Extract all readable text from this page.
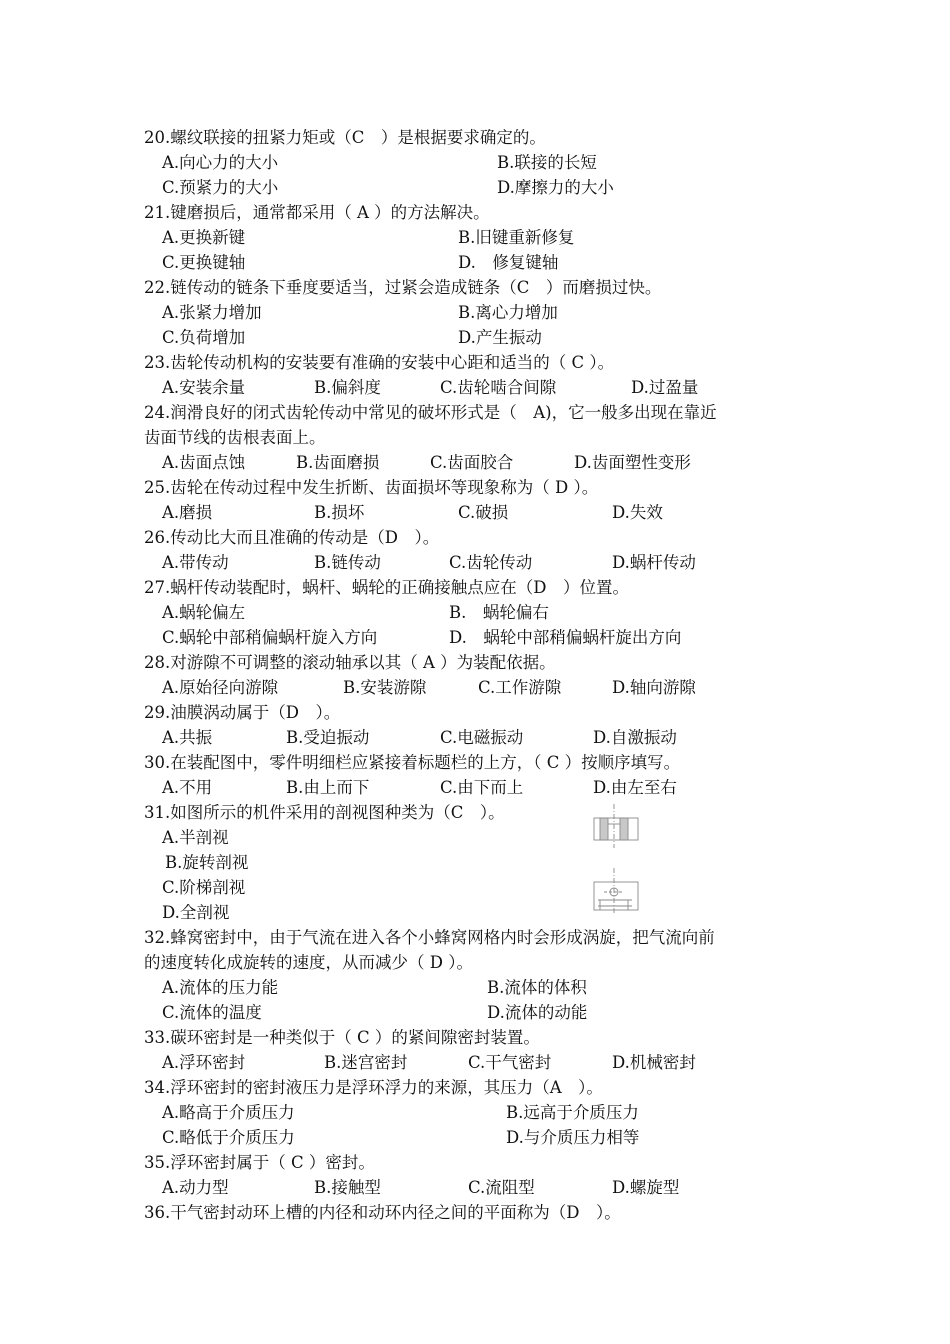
20.螺纹联接的扭紧力矩或（C　）是根据要求确定的。
A.向心力的大小	B.联接的长短
C.预紧力的大小	D.摩擦力的大小
21.键磨损后，通常都采用（ A ）的方法解决。
A.更换新键	B.旧键重新修复
C.更换键轴	D.　修复键轴
22.链传动的链条下垂度要适当，过紧会造成链条（C　）而磨损过快。
A.张紧力增加	B.离心力增加
C.负荷增加	D.产生振动
23.齿轮传动机构的安装要有准确的安装中心距和适当的（ C ）。
A.安装余量	B.偏斜度	C.齿轮啮合间隙	D.过盈量
24.润滑良好的闭式齿轮传动中常见的破坏形式是（　A)，它一般多出现在靠近
齿面节线的齿根表面上。
A.齿面点蚀	B.齿面磨损	C.齿面胶合	D.齿面塑性变形
25.齿轮在传动过程中发生折断、齿面损坏等现象称为（ D ）。
A.磨损	B.损坏	C.破损	D.失效
26.传动比大而且准确的传动是（D　）。
A.带传动	B.链传动	C.齿轮传动	D.蜗杆传动
27.蜗杆传动装配时，蜗杆、蜗轮的正确接触点应在（D　）位置。
A.蜗轮偏左	B.　蜗轮偏右
C.蜗轮中部稍偏蜗杆旋入方向	D.　蜗轮中部稍偏蜗杆旋出方向
28.对游隙不可调整的滚动轴承以其（ A ）为装配依据。
A.原始径向游隙	B.安装游隙	C.工作游隙	D.轴向游隙
29.油膜涡动属于（D　）。
A.共振	B.受迫振动	C.电磁振动	D.自激振动
30.在装配图中，零件明细栏应紧接着标题栏的上方，（ C ）按顺序填写。
A.不用	B.由上而下	C.由下而上	D.由左至右
31.如图所示的机件采用的剖视图种类为（C　）。
A.半剖视
B.旋转剖视
C.阶梯剖视
D.全剖视
32.蜂窝密封中，由于气流在进入各个小蜂窝网格内时会形成涡旋，把气流向前
的速度转化成旋转的速度，从而减少（ D ）。
A.流体的压力能	B.流体的体积
C.流体的温度	D.流体的动能
33.碳环密封是一种类似于（ C ）的紧间隙密封装置。
A.浮环密封	B.迷宫密封	C.干气密封	D.机械密封
34.浮环密封的密封液压力是浮环浮力的来源，其压力（A　）。
A.略高于介质压力	B.远高于介质压力
C.略低于介质压力	D.与介质压力相等
35.浮环密封属于（ C ）密封。
A.动力型	B.接触型	C.流阻型	D.螺旋型
36.干气密封动环上槽的内径和动环内径之间的平面称为（D　）。
